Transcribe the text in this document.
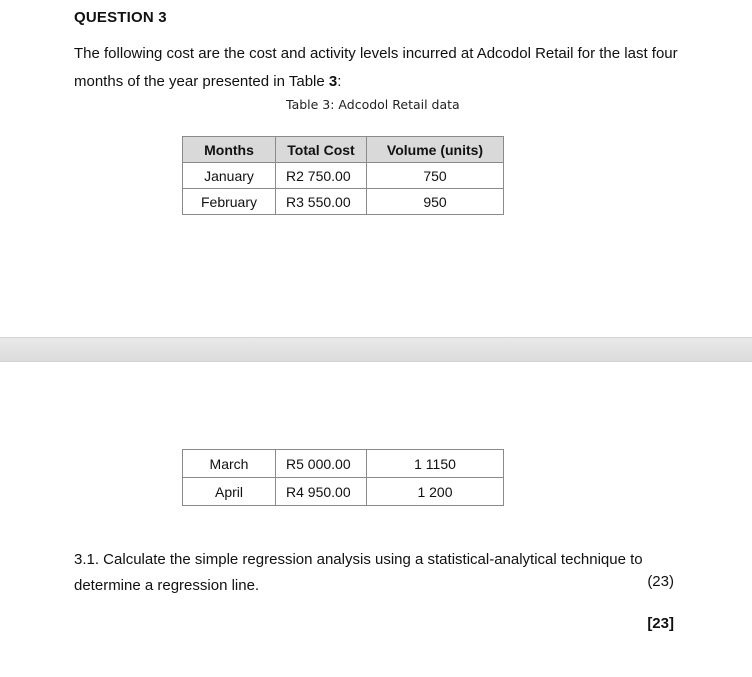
QUESTION 3

The following cost are the cost and activity levels incurred at Adcodol Retail for the last four months of the year presented in Table 3:

Table 3: Adcodol Retail data
Months	Total Cost	Volume (units)
January	R2 750.00	750
February	R3 550.00	950
March	R5 000.00	1 1150
April	R4 950.00	1 200
3.1. Calculate the simple regression analysis using a statistical-analytical technique to
determine a regression line.	(23)
[23]
